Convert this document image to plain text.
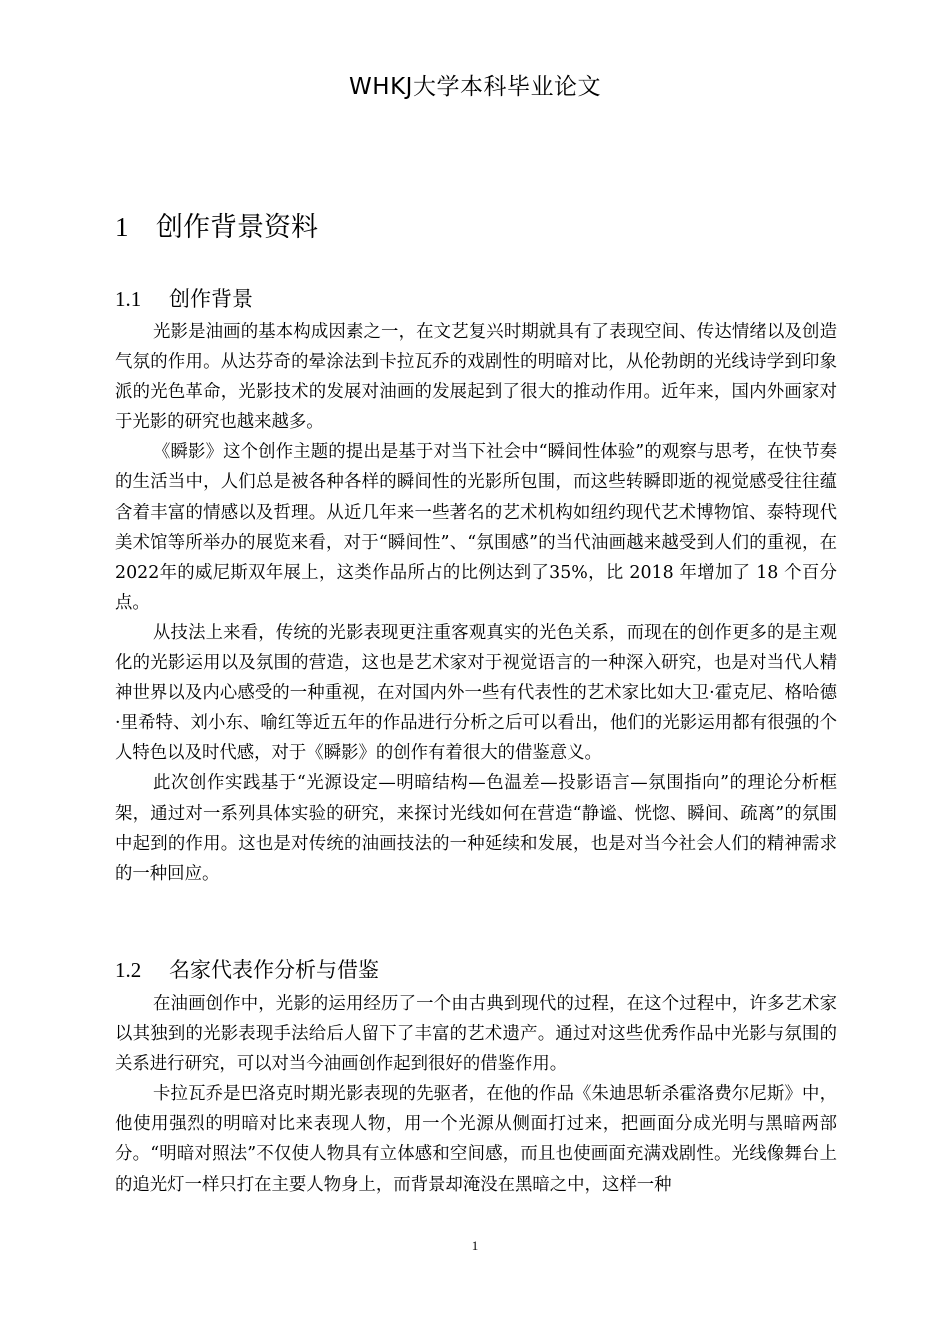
WHKJ大学本科毕业论文
1 创作背景资料
1.1 创作背景

光影是油画的基本构成因素之一，在文艺复兴时期就具有了表现空间、传达情绪以及创造气氛的作用。从达芬奇的晕涂法到卡拉瓦乔的戏剧性的明暗对比，从伦勃朗的光线诗学到印象派的光色革命，光影技术的发展对油画的发展起到了很大的推动作用。近年来，国内外画家对于光影的研究也越来越多。

《瞬影》这个创作主题的提出是基于对当下社会中“瞬间性体验”的观察与思考，在快节奏的生活当中，人们总是被各种各样的瞬间性的光影所包围，而这些转瞬即逝的视觉感受往往蕴含着丰富的情感以及哲理。从近几年来一些著名的艺术机构如纽约现代艺术博物馆、泰特现代美术馆等所举办的展览来看，对于“瞬间性”、“氛围感”的当代油画越来越受到人们的重视，在2022年的威尼斯双年展上，这类作品所占的比例达到了35%，比 2018 年增加了 18 个百分点。

从技法上来看，传统的光影表现更注重客观真实的光色关系，而现在的创作更多的是主观化的光影运用以及氛围的营造，这也是艺术家对于视觉语言的一种深入研究，也是对当代人精神世界以及内心感受的一种重视，在对国内外一些有代表性的艺术家比如大卫·霍克尼、格哈德·里希特、刘小东、喻红等近五年的作品进行分析之后可以看出，他们的光影运用都有很强的个人特色以及时代感，对于《瞬影》的创作有着很大的借鉴意义。

此次创作实践基于“光源设定—明暗结构—色温差—投影语言—氛围指向”的理论分析框架，通过对一系列具体实验的研究，来探讨光线如何在营造“静谧、恍惚、瞬间、疏离”的氛围中起到的作用。这也是对传统的油画技法的一种延续和发展，也是对当今社会人们的精神需求的一种回应。

1.2 名家代表作分析与借鉴

在油画创作中，光影的运用经历了一个由古典到现代的过程，在这个过程中，许多艺术家以其独到的光影表现手法给后人留下了丰富的艺术遗产。通过对这些优秀作品中光影与氛围的关系进行研究，可以对当今油画创作起到很好的借鉴作用。

卡拉瓦乔是巴洛克时期光影表现的先驱者，在他的作品《朱迪思斩杀霍洛费尔尼斯》中，他使用强烈的明暗对比来表现人物，用一个光源从侧面打过来，把画面分成光明与黑暗两部分。“明暗对照法”不仅使人物具有立体感和空间感，而且也使画面充满戏剧性。光线像舞台上的追光灯一样只打在主要人物身上，而背景却淹没在黑暗之中，这样一种

1
